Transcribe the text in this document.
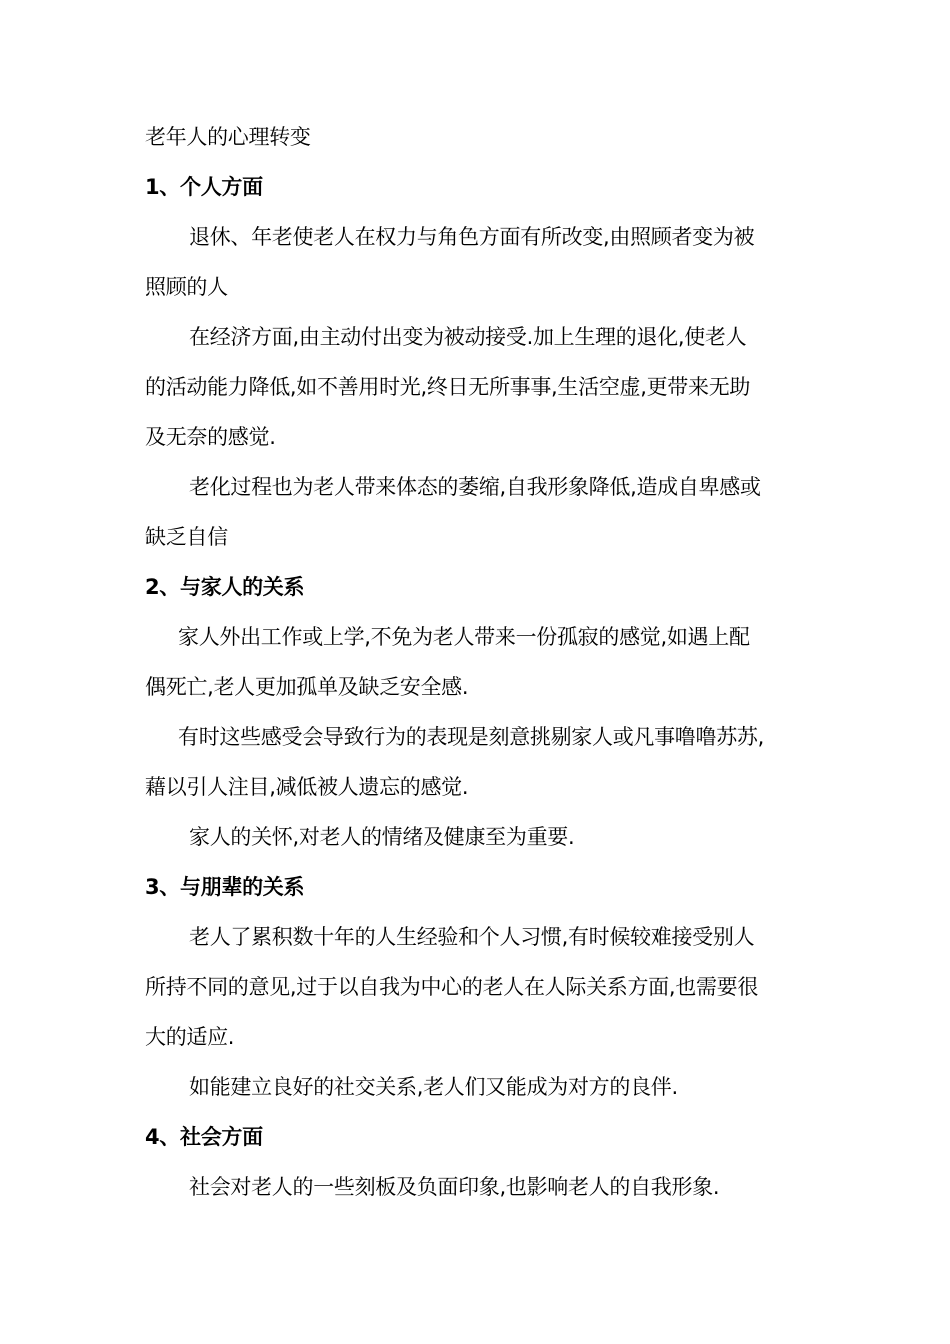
老年人的心理转变
1、个人方面
退休、年老使老人在权力与角色方面有所改变,由照顾者变为被
照顾的人
在经济方面,由主动付出变为被动接受.加上生理的退化,使老人
的活动能力降低,如不善用时光,终日无所事事,生活空虚,更带来无助
及无奈的感觉.
老化过程也为老人带来体态的萎缩,自我形象降低,造成自卑感或
缺乏自信
2、与家人的关系
家人外出工作或上学,不免为老人带来一份孤寂的感觉,如遇上配
偶死亡,老人更加孤单及缺乏安全感.
有时这些感受会导致行为的表现是刻意挑剔家人或凡事噜噜苏苏,
藉以引人注目,减低被人遗忘的感觉.
家人的关怀,对老人的情绪及健康至为重要.
3、与朋辈的关系
老人了累积数十年的人生经验和个人习惯,有时候较难接受别人
所持不同的意见,过于以自我为中心的老人在人际关系方面,也需要很
大的适应.
如能建立良好的社交关系,老人们又能成为对方的良伴.
4、社会方面
社会对老人的一些刻板及负面印象,也影响老人的自我形象.
